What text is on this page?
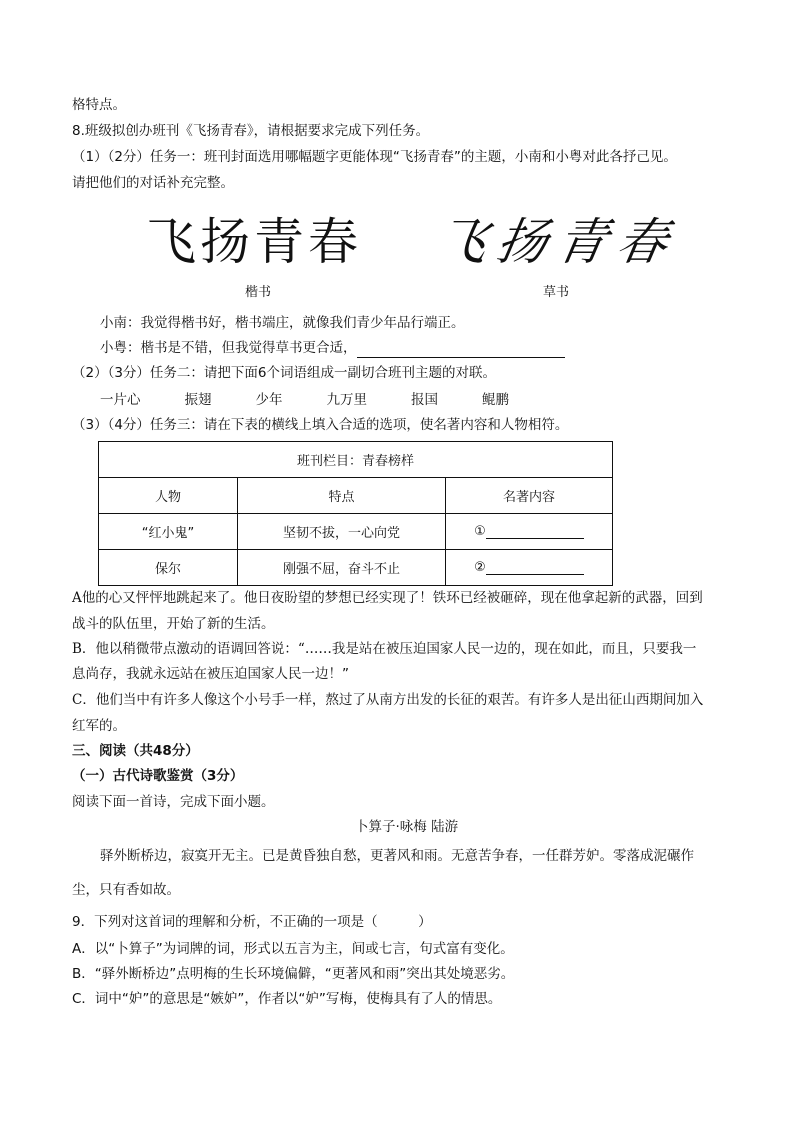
格特点。
8.班级拟创办班刊《飞扬青春》，请根据要求完成下列任务。
（1）（2分）任务一：班刊封面选用哪幅题字更能体现“飞扬青春”的主题，小南和小粤对此各抒己见。
请把他们的对话补充完整。
飞扬青春 飞扬青春
楷书	草书
小南：我觉得楷书好，楷书端庄，就像我们青少年品行端正。
小粤：楷书是不错，但我觉得草书更合适，
（2）（3分）任务二：请把下面6个词语组成一副切合班刊主题的对联。
一片心	振翅	少年	九万里	报国	鲲鹏
（3）（4分）任务三：请在下表的横线上填入合适的选项，使名著内容和人物相符。
班刊栏目：青春榜样		
人物	特点	名著内容
“红小鬼”	坚韧不拔，一心向党	①
保尔	刚强不屈，奋斗不止	②
A他的心又怦怦地跳起来了。他日夜盼望的梦想已经实现了！铁环已经被砸碎，现在他拿起新的武器，回到
战斗的队伍里，开始了新的生活。
B．他以稍微带点激动的语调回答说：“……我是站在被压迫国家人民一边的，现在如此，而且，只要我一
息尚存，我就永远站在被压迫国家人民一边！”
C．他们当中有许多人像这个小号手一样，熬过了从南方出发的长征的艰苦。有许多人是出征山西期间加入
红军的。
三、阅读（共48分）
（一）古代诗歌鉴赏（3分）
阅读下面一首诗，完成下面小题。
卜算子·咏梅 陆游
驿外断桥边，寂寞开无主。已是黄昏独自愁，更著风和雨。无意苦争春，一任群芳妒。零落成泥碾作
尘，只有香如故。
9．下列对这首词的理解和分析，不正确的一项是（　　　）
A．以“卜算子”为词牌的词，形式以五言为主，间或七言，句式富有变化。
B．“驿外断桥边”点明梅的生长环境偏僻，“更著风和雨”突出其处境恶劣。
C．词中“妒”的意思是“嫉妒”，作者以“妒”写梅，使梅具有了人的情思。
